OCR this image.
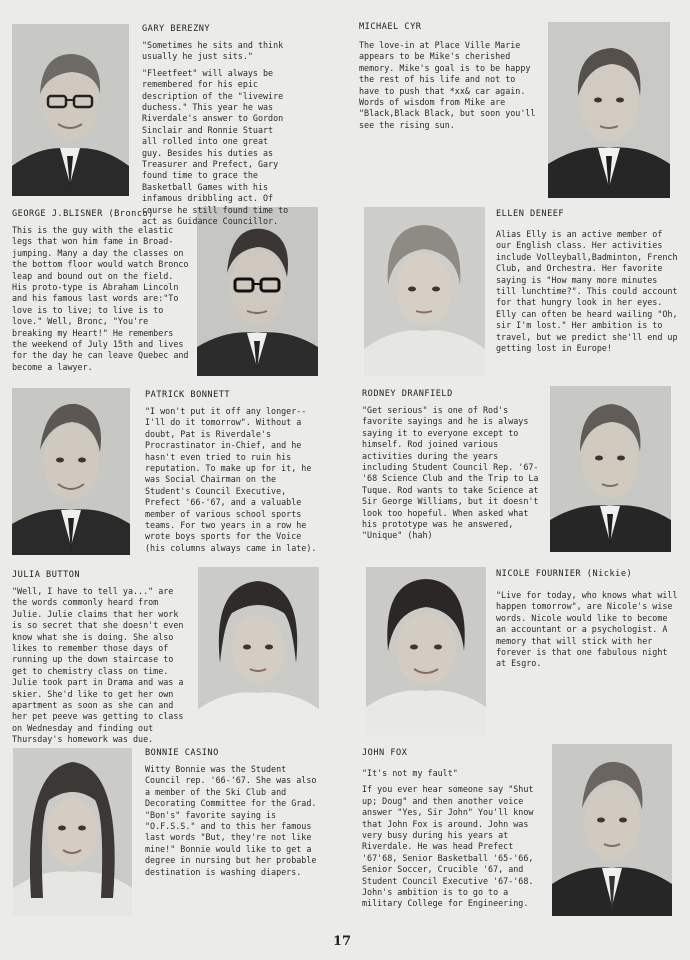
GARY BEREZNY

"Sometimes he sits and think usually he just sits."

"Fleetfeet" will always be remembered for his epic description of the "livewire duchess." This year he was Riverdale's answer to Gordon Sinclair and Ronnie Stuart all rolled into one great guy. Besides his duties as Treasurer and Prefect, Gary found time to grace the Basketball Games with his infamous dribbling act. Of course he still found time to act as Guidance Councillor.

MICHAEL CYR

The love-in at Place Ville Marie appears to be Mike's cherished memory. Mike's goal is to be happy the rest of his life and not to have to push that *xx& car again. Words of wisdom from Mike are "Black,Black Black, but soon you'll see the rising sun.

GEORGE J.BLISNER (Bronco)

This is the guy with the elastic legs that won him fame in Broad-jumping. Many a day the classes on the bottom floor would watch Bronco leap and bound out on the field. His proto-type is Abraham Lincoln and his famous last words are:"To love is to live; to live is to love." Well, Bronc, "You're breaking my Heart!" He remembers the weekend of July 15th and lives for the day he can leave Quebec and become a lawyer.

ELLEN DENEEF

Alias Elly is an active member of our English class. Her activities include Volleyball,Badminton, French Club, and Orchestra. Her favorite saying is "How many more minutes till lunchtime?". This could account for that hungry look in her eyes. Elly can often be heard wailing "Oh, sir I'm lost." Her ambition is to travel, but we predict she'll end up getting lost in Europe!

PATRICK BONNETT

"I won't put it off any longer--I'll do it tomorrow". Without a doubt, Pat is Riverdale's Procrastinator in-Chief, and he hasn't even tried to ruin his reputation. To make up for it, he was Social Chairman on the Student's Council Executive, Prefect '66-'67, and a valuable member of various school sports teams. For two years in a row he wrote boys sports for the Voice (his columns always came in late).

RODNEY DRANFIELD

"Get serious" is one of Rod's favorite sayings and he is always saying it to everyone except to himself. Rod joined various activities during the years including Student Council Rep. '67-'68 Science Club and the Trip to La Tuque. Rod wants to take Science at Sir George Williams, but it doesn't look too hopeful. When asked what his prototype was he answered, "Unique" (hah)

JULIA BUTTON

"Well, I have to tell ya..." are the words commonly heard from Julie. Julie claims that her work is so secret that she doesn't even know what she is doing. She also likes to remember those days of running up the down staircase to get to chemistry class on time. Julie took part in Drama and was a skier. She'd like to get her own apartment as soon as she can and her pet peeve was getting to class on Wednesday and finding out Thursday's homework was due.

NICOLE FOURNIER (Nickie)

"Live for today, who knows what will happen tomorrow", are Nicole's wise words. Nicole would like to become an accountant or a psychologist. A memory that will stick with her forever is that one fabulous night at Esgro.

BONNIE CASINO

Witty Bonnie was the Student Council rep. '66-'67. She was also a member of the Ski Club and Decorating Committee for the Grad. "Bon's" favorite saying is "O.F.S.S." and to this her famous last words "But, they're not like mine!" Bonnie would like to get a degree in nursing but her probable destination is washing diapers.

JOHN FOX

"It's not my fault"

If you ever hear someone say "Shut up; Doug" and then another voice answer "Yes, Sir John" You'll know that John Fox is around. John was very busy during his years at Riverdale. He was head Prefect '67'68, Senior Basketball '65-'66, Senior Soccer, Crucible '67, and Student Council Executive '67-'68. John's ambition is to go to a military College for Engineering.

17
